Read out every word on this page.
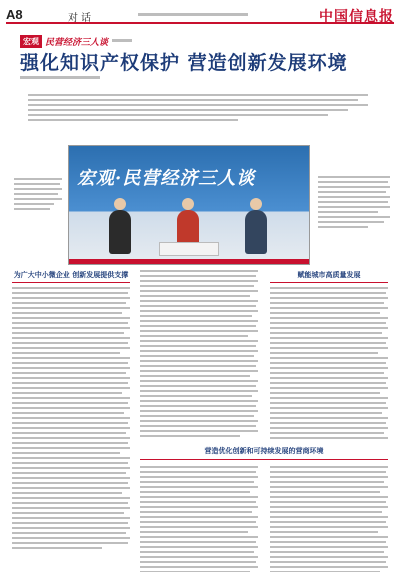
A8	对话	中国信息报
宏观 民营经济三人谈
强化知识产权保护 营造创新发展环境
宏观·民营经济三人谈
为广大中小微企业 创新发展提供支撑	赋能城市高质量发展
营造优化创新和可持续发展的营商环境
